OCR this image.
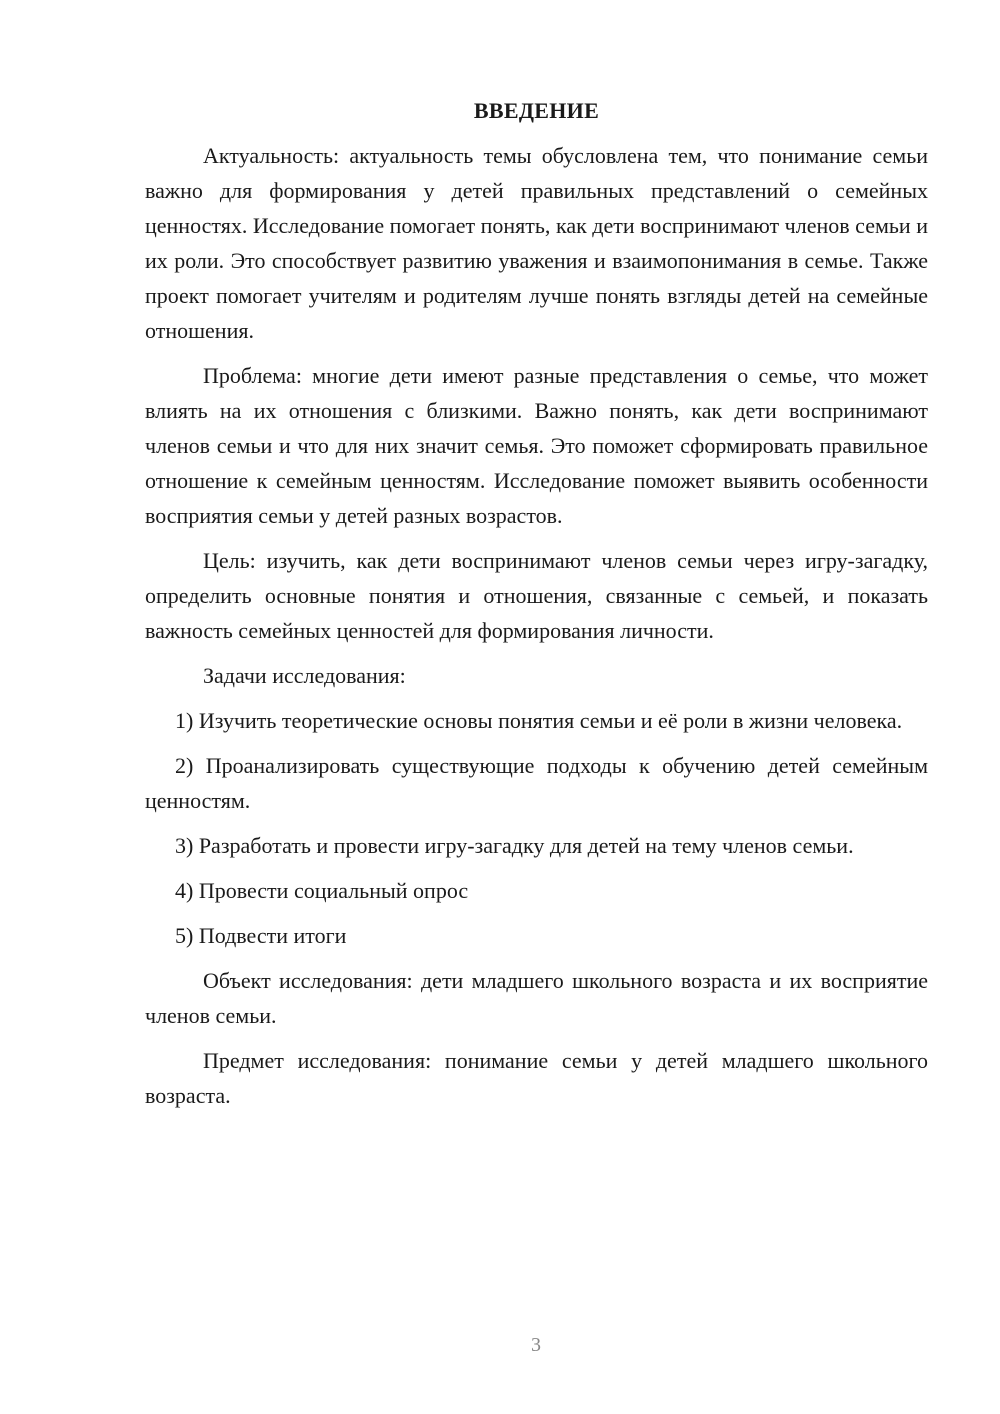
ВВЕДЕНИЕ

Актуальность: актуальность темы обусловлена тем, что понимание семьи важно для формирования у детей правильных представлений о семейных ценностях. Исследование помогает понять, как дети воспринимают членов семьи и их роли. Это способствует развитию уважения и взаимопонимания в семье. Также проект помогает учителям и родителям лучше понять взгляды детей на семейные отношения.

Проблема: многие дети имеют разные представления о семье, что может влиять на их отношения с близкими. Важно понять, как дети воспринимают членов семьи и что для них значит семья. Это поможет сформировать правильное отношение к семейным ценностям. Исследование поможет выявить особенности восприятия семьи у детей разных возрастов.

Цель: изучить, как дети воспринимают членов семьи через игру-загадку, определить основные понятия и отношения, связанные с семьей, и показать важность семейных ценностей для формирования личности.

Задачи исследования:

1) Изучить теоретические основы понятия семьи и её роли в жизни человека.

2) Проанализировать существующие подходы к обучению детей семейным ценностям.

3) Разработать и провести игру-загадку для детей на тему членов семьи.

4) Провести социальный опрос

5) Подвести итоги

Объект исследования: дети младшего школьного возраста и их восприятие членов семьи.

Предмет исследования: понимание семьи у детей младшего школьного возраста.

3
